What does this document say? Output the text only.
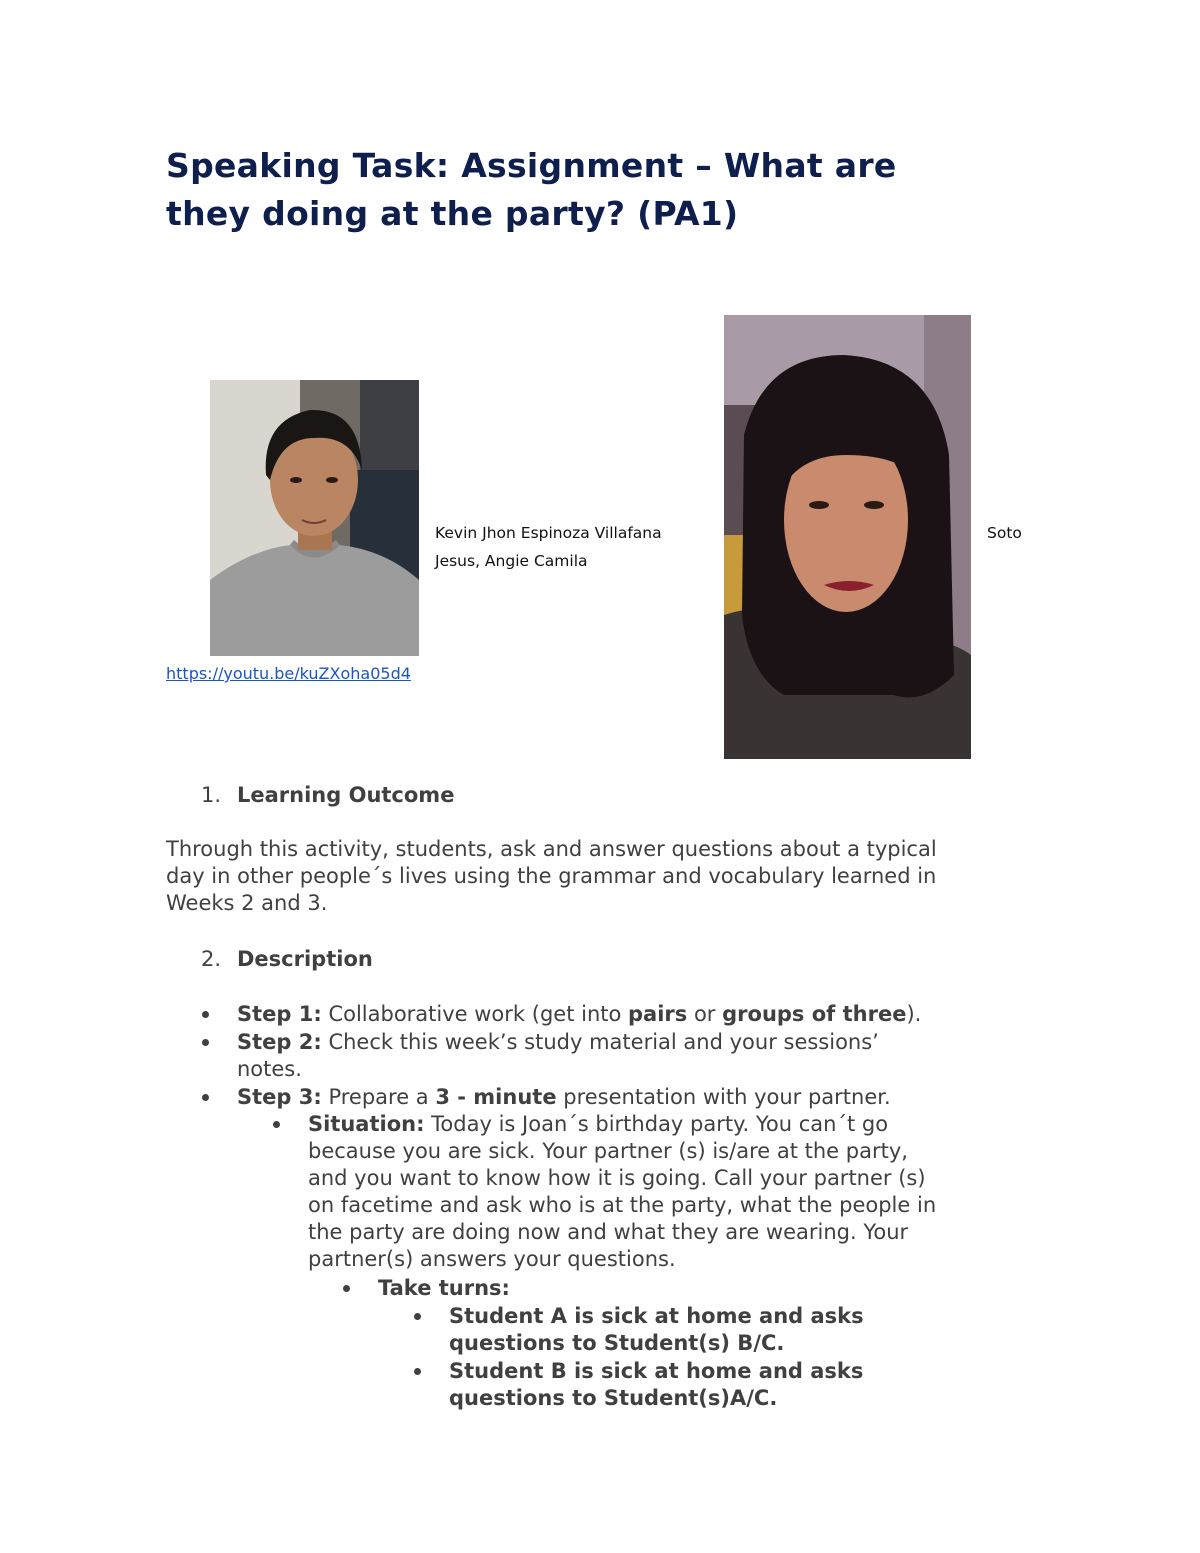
Speaking Task: Assignment – What are
they doing at the party? (PA1)
Kevin Jhon Espinoza Villafana	Soto
Jesus, Angie Camila
https://youtu.be/kuZXoha05d4
1. Learning Outcome
Through this activity, students, ask and answer questions about a typical
day in other people´s lives using the grammar and vocabulary learned in
Weeks 2 and 3.
2. Description
Step 1: Collaborative work (get into pairs or groups of three).
Step 2: Check this week’s study material and your sessions’
notes.
Step 3: Prepare a 3 - minute presentation with your partner.
Situation: Today is Joan´s birthday party. You can´t go
because you are sick. Your partner (s) is/are at the party,
and you want to know how it is going. Call your partner (s)
on facetime and ask who is at the party, what the people in
the party are doing now and what they are wearing. Your
partner(s) answers your questions.
Take turns:
Student A is sick at home and asks
questions to Student(s) B/C.
Student B is sick at home and asks
questions to Student(s)A/C.
